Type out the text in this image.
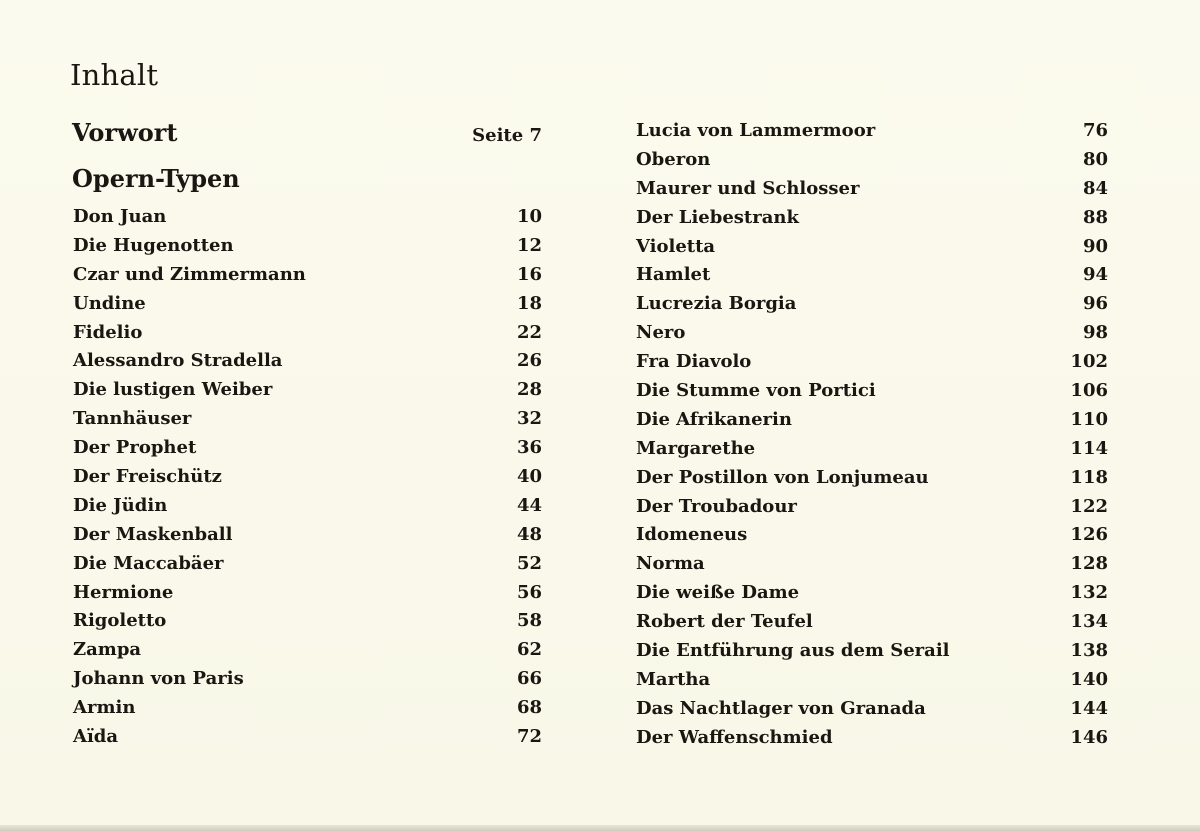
Inhalt
Vorwort	Seite 7
Opern-Typen
Don Juan	10
Die Hugenotten	12
Czar und Zimmermann	16
Undine	18
Fidelio	22
Alessandro Stradella	26
Die lustigen Weiber	28
Tannhäuser	32
Der Prophet	36
Der Freischütz	40
Die Jüdin	44
Der Maskenball	48
Die Maccabäer	52
Hermione	56
Rigoletto	58
Zampa	62
Johann von Paris	66
Armin	68
Aïda	72
Lucia von Lammermoor	76
Oberon	80
Maurer und Schlosser	84
Der Liebestrank	88
Violetta	90
Hamlet	94
Lucrezia Borgia	96
Nero	98
Fra Diavolo	102
Die Stumme von Portici	106
Die Afrikanerin	110
Margarethe	114
Der Postillon von Lonjumeau	118
Der Troubadour	122
Idomeneus	126
Norma	128
Die weiße Dame	132
Robert der Teufel	134
Die Entführung aus dem Serail	138
Martha	140
Das Nachtlager von Granada	144
Der Waffenschmied	146
